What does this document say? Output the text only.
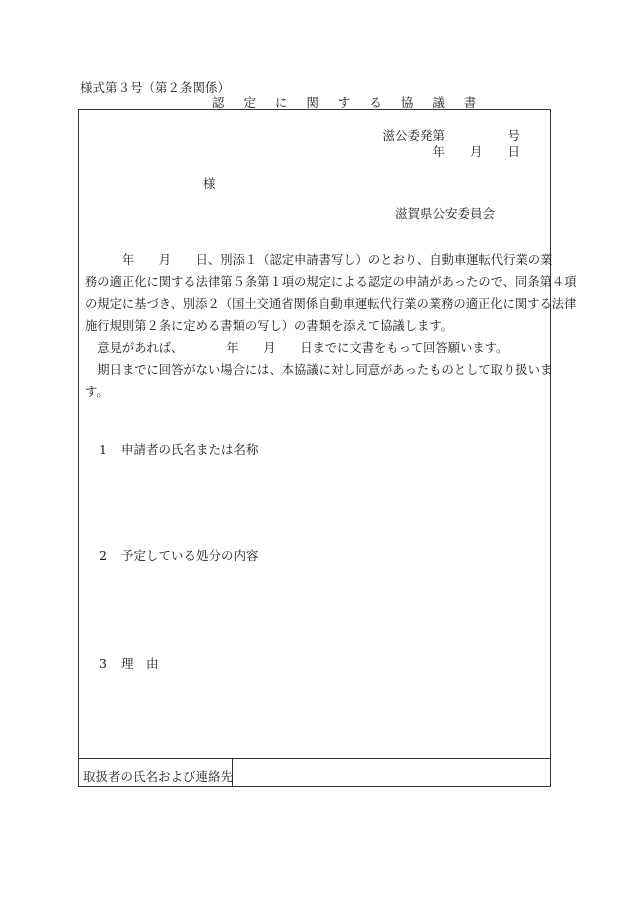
様式第３号（第２条関係）
認 定 に 関 す る 協 議 書
滋公委発第　　　　　号
年　　月　　日
様
滋賀県公安委員会
　　　年　　月　　日、別添１（認定申請書写し）のとおり、自動車運転代行業の業
務の適正化に関する法律第５条第１項の規定による認定の申請があったので、同条第４項
の規定に基づき、別添２（国土交通省関係自動車運転代行業の業務の適正化に関する法律
施行規則第２条に定める書類の写し）の書類を添えて協議します。
　意見があれば、　　　　年　　月　　日までに文書をもって回答願います。
　期日までに回答がない場合には、本協議に対し同意があったものとして取り扱いま
す。
1 申請者の氏名または名称
2 予定している処分の内容
3 理　由
取扱者の氏名および連絡先
